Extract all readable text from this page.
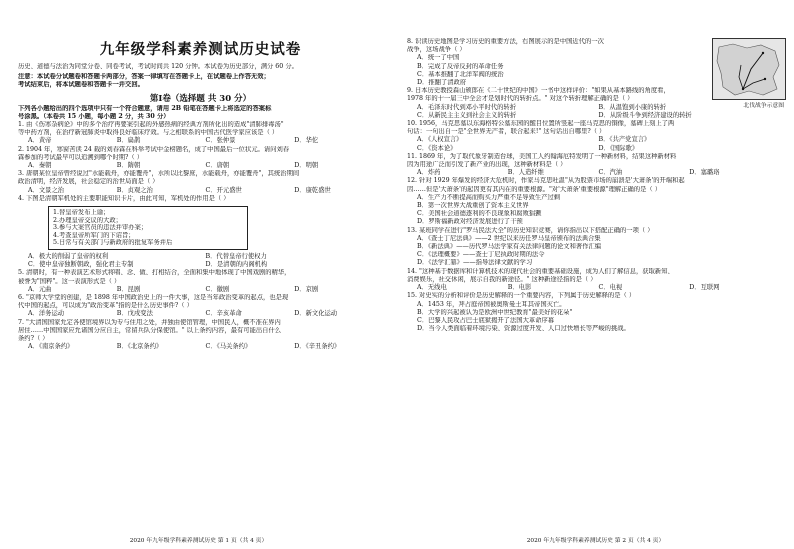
九年级学科素养测试历史试卷
历史、道德与法治为同堂分卷、同卷考试，考试时间共 120 分钟。本试卷为历史部分，满分 60 分。
注意：本试卷分试题卷和答题卡两部分，答案一律填写在答题卡上，在试题卷上作答无效；
考试结束后，将本试题卷和答题卡一并交回。
第Ⅰ卷（选择题 共 30 分）
下列各小题给出的四个选项中只有一个符合题意，请用 2B 铅笔在答题卡上将选定的答案标
号涂黑。（本卷共 15 小题，每小题 2 分，共 30 分）
1. 由《伤寒杂病论》中的多个治疗再要案引起的外感热病的经典方剂所化出的造成"清肺排毒汤"
等中药方剂，在治疗新冠肺炎中取得良好临床疗效。与之相联系的中国古代医学家应该是（ ）
A．黄帝	B．扁鹊	C．张仲景	D．华佗
2. 1904 年，寒窗苦读 24 载的刘春霖在科举考试中金榜题名，成了中国最后一位状元。请问刘春
霖参加的考试最早可以追溯到哪个时期?（ ）
A．秦朝	B．隋朝	C．唐朝	D．明朝
3. 唐朝某位皇帝曾经说过"水能载舟，亦能覆舟"，水所以比黎庶，水能载舟，亦能覆舟"，其统治期间
政治清明，经济发展，社会稳定的治世局面是（ ）
A．文景之治	B．贞观之治	C．开元盛世	D．康乾盛世
4. 下图是清朝军机处的主要职能知识卡片，由此可知，军机处的作用是（ ）
1.替皇帝发布上谕；
2.办理皇帝交议的大政；
3.参与大案官员的违法并审办案；
4.考查皇帝所军门的下诏旨；
5.日常与有关部门与新政府的批复军务并后
A．极大的削弱了皇帝的权利	B．代替皇帝行使权力
C．使中皇帝独断朝政，强化君主专制	D．是清朝的内阁机构
5. 清朝时，有一种表演艺术形式将唱、念、做、打相结合，全面和集中地体现了中国戏剧的精华，
被誉为"国粹"。这一表演形式是（ ）
A．元曲	B．昆剧	C．徽剧	D．京剧
6. "京师大学堂的创建，是 1898 年中国政治史上的一件大事，这是当年政治变革的起点，也是现
代中国的起点，可以成为"政治变革"指的是什么历史事件?（ ）
A．洋务运动	B．戊戌变法	C．辛亥革命	D．新文化运动
7. "大清国国家允定各使馆境界以为专与住用之处，并独由使馆管理，中国民人，概不准在界内
居住……中国国家应允诸国分应自主，常留兵队分保使馆。" 以上条约内容，最有可能出自什么
条约?（ ）
A．《南京条约》	B．《北京条约》	C．《马关条约》	D．《辛丑条约》
2020 年九年级学科素养测试历史 第 1 页（共 4 页）
北伐战争示意图
8. 识读历史地图是学习历史的重要方法，右图展示的是中国近代的一次
战争，这场战争（ ）
A．统一了中国
B．完成了反帝反封的革命任务
C．基本推翻了北洋军阀的统治
D．推翻了清政府
9. 日本历史教授森山颁郎在《二十世纪的中国》一书中这样评价："如果从基本路线的角度看，
1978 年的十一届三中全会才是划时代的转折点。" 对这个转折理解正确的是（ ）
A．毛泽东时代到邓小平时代的转折	B．从温饱到小康的转折
C．从新民主主义到社会主义的转折	D．从阶级斗争到经济建设的转折
10. 1956，马克思墓以东海格特公墓东园的醒目位置所竖起一座马克思的铜像，墓碑上刻上了两
句话：一句出自一是"全世界无产者，联合起来!" 这句话出自哪里?（ ）
A．《人权宣言》	B．《共产党宣言》
C．《资本论》	D．《国际歌》
11. 1869 年，为了取代象牙制造台球，美国工人约翰海厄特发明了一种新材料，结果这种新材料
因为用途广泛而引发了新产业的出现，这种新材料是（ ）
A．炸药	B．人造纤维	C．汽油	D．塞璐珞
12. 针对 1929 年爆发的经济大危机时，作家马克思吐温"从为股票市场的崩溃是'大萧条'的开端和起
因……但是'大萧条'的起因更有其内在的重要根源。"对'大萧条'重要根源"理解正确的是（ ）
A．生产力不断提高而购买力严重不足导致生产过剩
B．第一次世界大战重创了资本主义世界
C．美国社会道德逐利的不良现象和腐败猖獗
D．罗斯福新政对经济发展进行了干预
13. 某班同学在进行"罗马民法大全"的历史知识竞赛，请你指出以下搭配正确的一项（ ）
A．《查士丁尼法典》——2 世纪以来历任罗马皇帝颁布的法典合集
B．《新法典》——历代罗马法学家有关法律问题的论文和著作汇编
C．《法理概要》——查士丁尼执政时期的法令
D．《法学汇纂》——指导法律文献的学习
14. "这种基于数据库和计算机技术的现代社会的重要基础设施，成为人们了解信息，获取新知、
消费娱乐，社交休闲，展示自我的新途径。" 这种新途径指的是（ ）
A．无线电	B．电影	C．电视	D．互联网
15. 对史实的分析和评价是历史解释的一个重要内容，下列属于历史解释的是（ ）
A．1453 年，拜占庭帝国被奥斯曼土耳其帝国灭亡。
B．大学的兴起被认为是欧洲中世纪教育"最美好的花朵"
C．巴黎人民攻占巴士底狱揭开了法国大革命序幕
D．当今人类面临着环境污染、资源过度开发、人口过快增长等严峻的挑战。
2020 年九年级学科素养测试历史 第 2 页（共 4 页）
